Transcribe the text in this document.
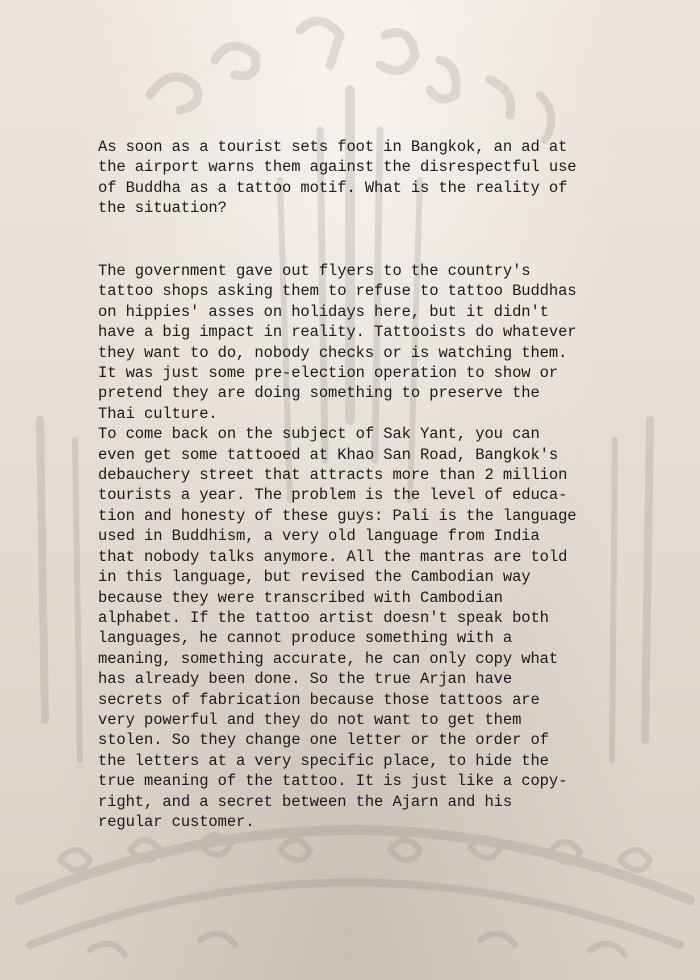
As soon as a tourist sets foot in Bangkok, an ad at
the airport warns them against the disrespectful use
of Buddha as a tattoo motif. What is the reality of
the situation?

The government gave out flyers to the country's
tattoo shops asking them to refuse to tattoo Buddhas
on hippies' asses on holidays here, but it didn't
have a big impact in reality. Tattooists do whatever
they want to do, nobody checks or is watching them.
It was just some pre-election operation to show or
pretend they are doing something to preserve the
Thai culture.

To come back on the subject of Sak Yant, you can
even get some tattooed at Khao San Road, Bangkok's
debauchery street that attracts more than 2 million
tourists a year. The problem is the level of educa-
tion and honesty of these guys: Pali is the language
used in Buddhism, a very old language from India
that nobody talks anymore. All the mantras are told
in this language, but revised the Cambodian way
because they were transcribed with Cambodian
alphabet. If the tattoo artist doesn't speak both
languages, he cannot produce something with a
meaning, something accurate, he can only copy what
has already been done. So the true Arjan have
secrets of fabrication because those tattoos are
very powerful and they do not want to get them
stolen. So they change one letter or the order of
the letters at a very specific place, to hide the
true meaning of the tattoo. It is just like a copy-
right, and a secret between the Ajarn and his
regular customer.
